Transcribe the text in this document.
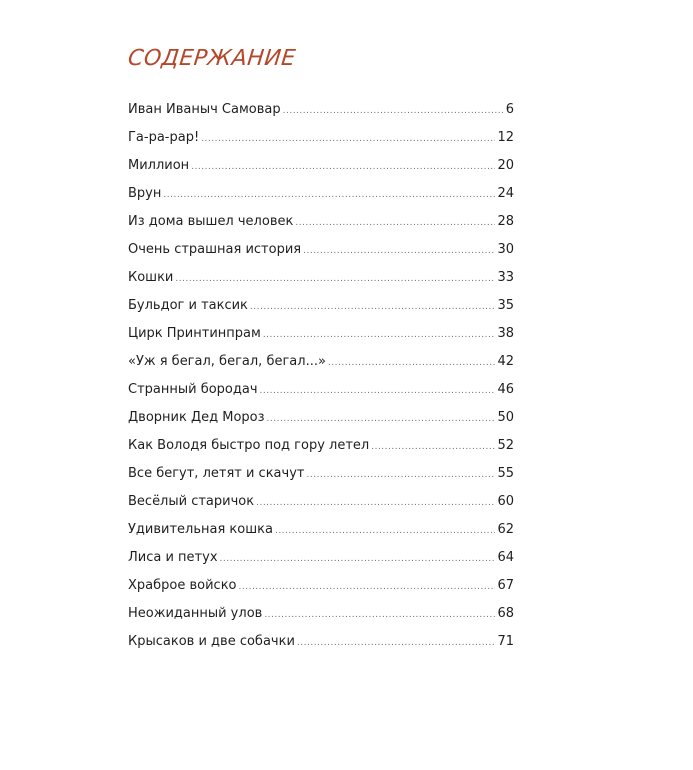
СОДЕРЖАНИЕ
Иван Иваныч Самовар .....	6
Га-ра-рар! .....	12
Миллион .....	20
Врун .....	24
Из дома вышел человек .....	28
Очень страшная история .....	30
Кошки .....	33
Бульдог и таксик .....	35
Цирк Принтинпрам .....	38
«Уж я бегал, бегал, бегал...» .....	42
Странный бородач .....	46
Дворник Дед Мороз .....	50
Как Володя быстро под гору летел .....	52
Все бегут, летят и скачут .....	55
Весёлый старичок .....	60
Удивительная кошка .....	62
Лиса и петух .....	64
Храброе войско .....	67
Неожиданный улов .....	68
Крысаков и две собачки .....	71
